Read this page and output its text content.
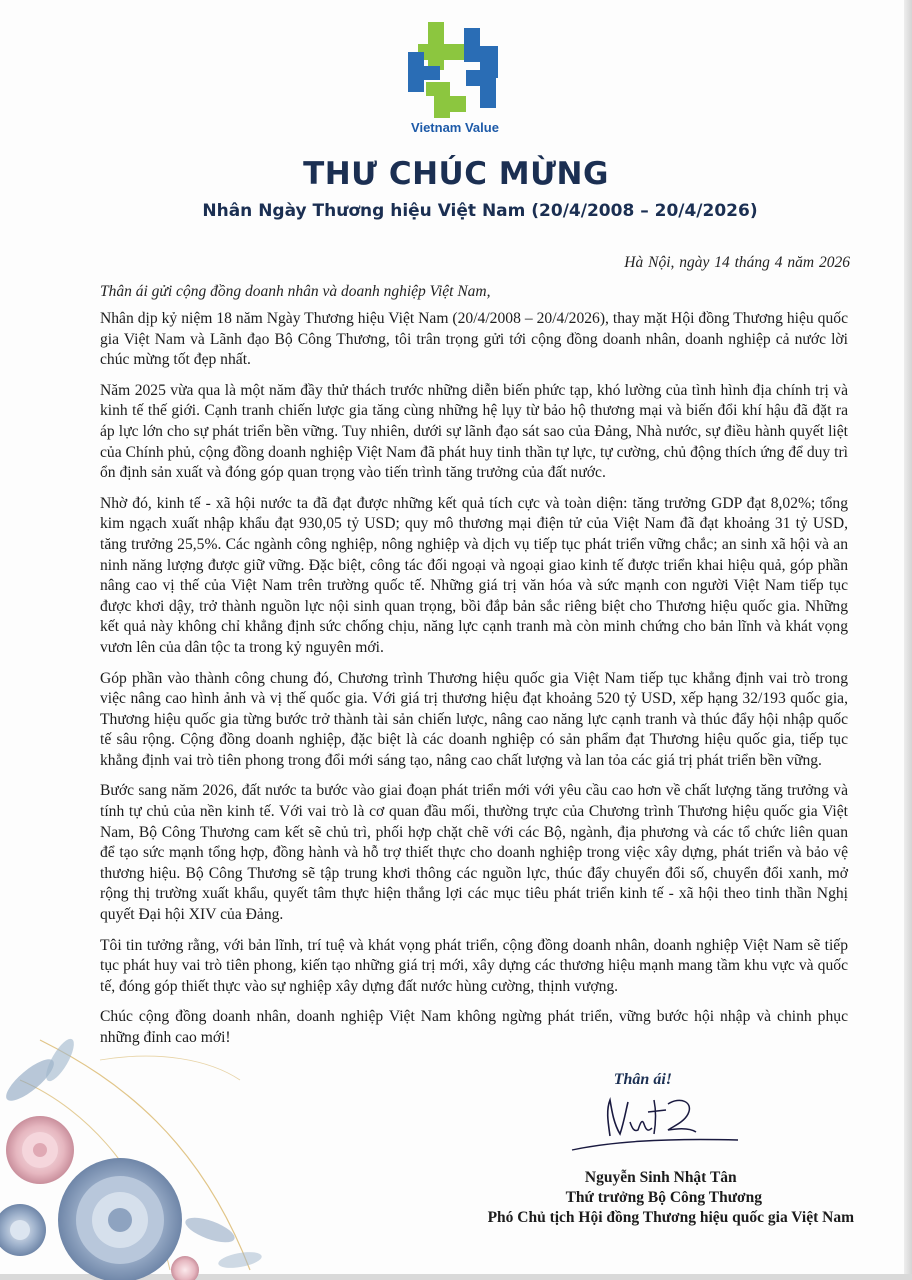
Vietnam Value
THƯ CHÚC MỪNG
Nhân Ngày Thương hiệu Việt Nam (20/4/2008 – 20/4/2026)
Hà Nội, ngày 14 tháng 4 năm 2026
Thân ái gửi cộng đồng doanh nhân và doanh nghiệp Việt Nam,

Nhân dịp kỷ niệm 18 năm Ngày Thương hiệu Việt Nam (20/4/2008 – 20/4/2026), thay mặt Hội đồng Thương hiệu quốc gia Việt Nam và Lãnh đạo Bộ Công Thương, tôi trân trọng gửi tới cộng đồng doanh nhân, doanh nghiệp cả nước lời chúc mừng tốt đẹp nhất.

Năm 2025 vừa qua là một năm đầy thử thách trước những diễn biến phức tạp, khó lường của tình hình địa chính trị và kinh tế thế giới. Cạnh tranh chiến lược gia tăng cùng những hệ lụy từ bảo hộ thương mại và biến đổi khí hậu đã đặt ra áp lực lớn cho sự phát triển bền vững. Tuy nhiên, dưới sự lãnh đạo sát sao của Đảng, Nhà nước, sự điều hành quyết liệt của Chính phủ, cộng đồng doanh nghiệp Việt Nam đã phát huy tinh thần tự lực, tự cường, chủ động thích ứng để duy trì ổn định sản xuất và đóng góp quan trọng vào tiến trình tăng trưởng của đất nước.

Nhờ đó, kinh tế - xã hội nước ta đã đạt được những kết quả tích cực và toàn diện: tăng trưởng GDP đạt 8,02%; tổng kim ngạch xuất nhập khẩu đạt 930,05 tỷ USD; quy mô thương mại điện tử của Việt Nam đã đạt khoảng 31 tỷ USD, tăng trưởng 25,5%. Các ngành công nghiệp, nông nghiệp và dịch vụ tiếp tục phát triển vững chắc; an sinh xã hội và an ninh năng lượng được giữ vững. Đặc biệt, công tác đối ngoại và ngoại giao kinh tế được triển khai hiệu quả, góp phần nâng cao vị thế của Việt Nam trên trường quốc tế. Những giá trị văn hóa và sức mạnh con người Việt Nam tiếp tục được khơi dậy, trở thành nguồn lực nội sinh quan trọng, bồi đắp bản sắc riêng biệt cho Thương hiệu quốc gia. Những kết quả này không chỉ khẳng định sức chống chịu, năng lực cạnh tranh mà còn minh chứng cho bản lĩnh và khát vọng vươn lên của dân tộc ta trong kỷ nguyên mới.

Góp phần vào thành công chung đó, Chương trình Thương hiệu quốc gia Việt Nam tiếp tục khẳng định vai trò trong việc nâng cao hình ảnh và vị thế quốc gia. Với giá trị thương hiệu đạt khoảng 520 tỷ USD, xếp hạng 32/193 quốc gia, Thương hiệu quốc gia từng bước trở thành tài sản chiến lược, nâng cao năng lực cạnh tranh và thúc đẩy hội nhập quốc tế sâu rộng. Cộng đồng doanh nghiệp, đặc biệt là các doanh nghiệp có sản phẩm đạt Thương hiệu quốc gia, tiếp tục khẳng định vai trò tiên phong trong đổi mới sáng tạo, nâng cao chất lượng và lan tỏa các giá trị phát triển bền vững.

Bước sang năm 2026, đất nước ta bước vào giai đoạn phát triển mới với yêu cầu cao hơn về chất lượng tăng trưởng và tính tự chủ của nền kinh tế. Với vai trò là cơ quan đầu mối, thường trực của Chương trình Thương hiệu quốc gia Việt Nam, Bộ Công Thương cam kết sẽ chủ trì, phối hợp chặt chẽ với các Bộ, ngành, địa phương và các tổ chức liên quan để tạo sức mạnh tổng hợp, đồng hành và hỗ trợ thiết thực cho doanh nghiệp trong việc xây dựng, phát triển và bảo vệ thương hiệu. Bộ Công Thương sẽ tập trung khơi thông các nguồn lực, thúc đẩy chuyển đổi số, chuyển đổi xanh, mở rộng thị trường xuất khẩu, quyết tâm thực hiện thắng lợi các mục tiêu phát triển kinh tế - xã hội theo tinh thần Nghị quyết Đại hội XIV của Đảng.

Tôi tin tưởng rằng, với bản lĩnh, trí tuệ và khát vọng phát triển, cộng đồng doanh nhân, doanh nghiệp Việt Nam sẽ tiếp tục phát huy vai trò tiên phong, kiến tạo những giá trị mới, xây dựng các thương hiệu mạnh mang tầm khu vực và quốc tế, đóng góp thiết thực vào sự nghiệp xây dựng đất nước hùng cường, thịnh vượng.

Chúc cộng đồng doanh nhân, doanh nghiệp Việt Nam không ngừng phát triển, vững bước hội nhập và chinh phục những đỉnh cao mới!

Thân ái!
Nguyễn Sinh Nhật Tân
Thứ trưởng Bộ Công Thương
Phó Chủ tịch Hội đồng Thương hiệu quốc gia Việt Nam
